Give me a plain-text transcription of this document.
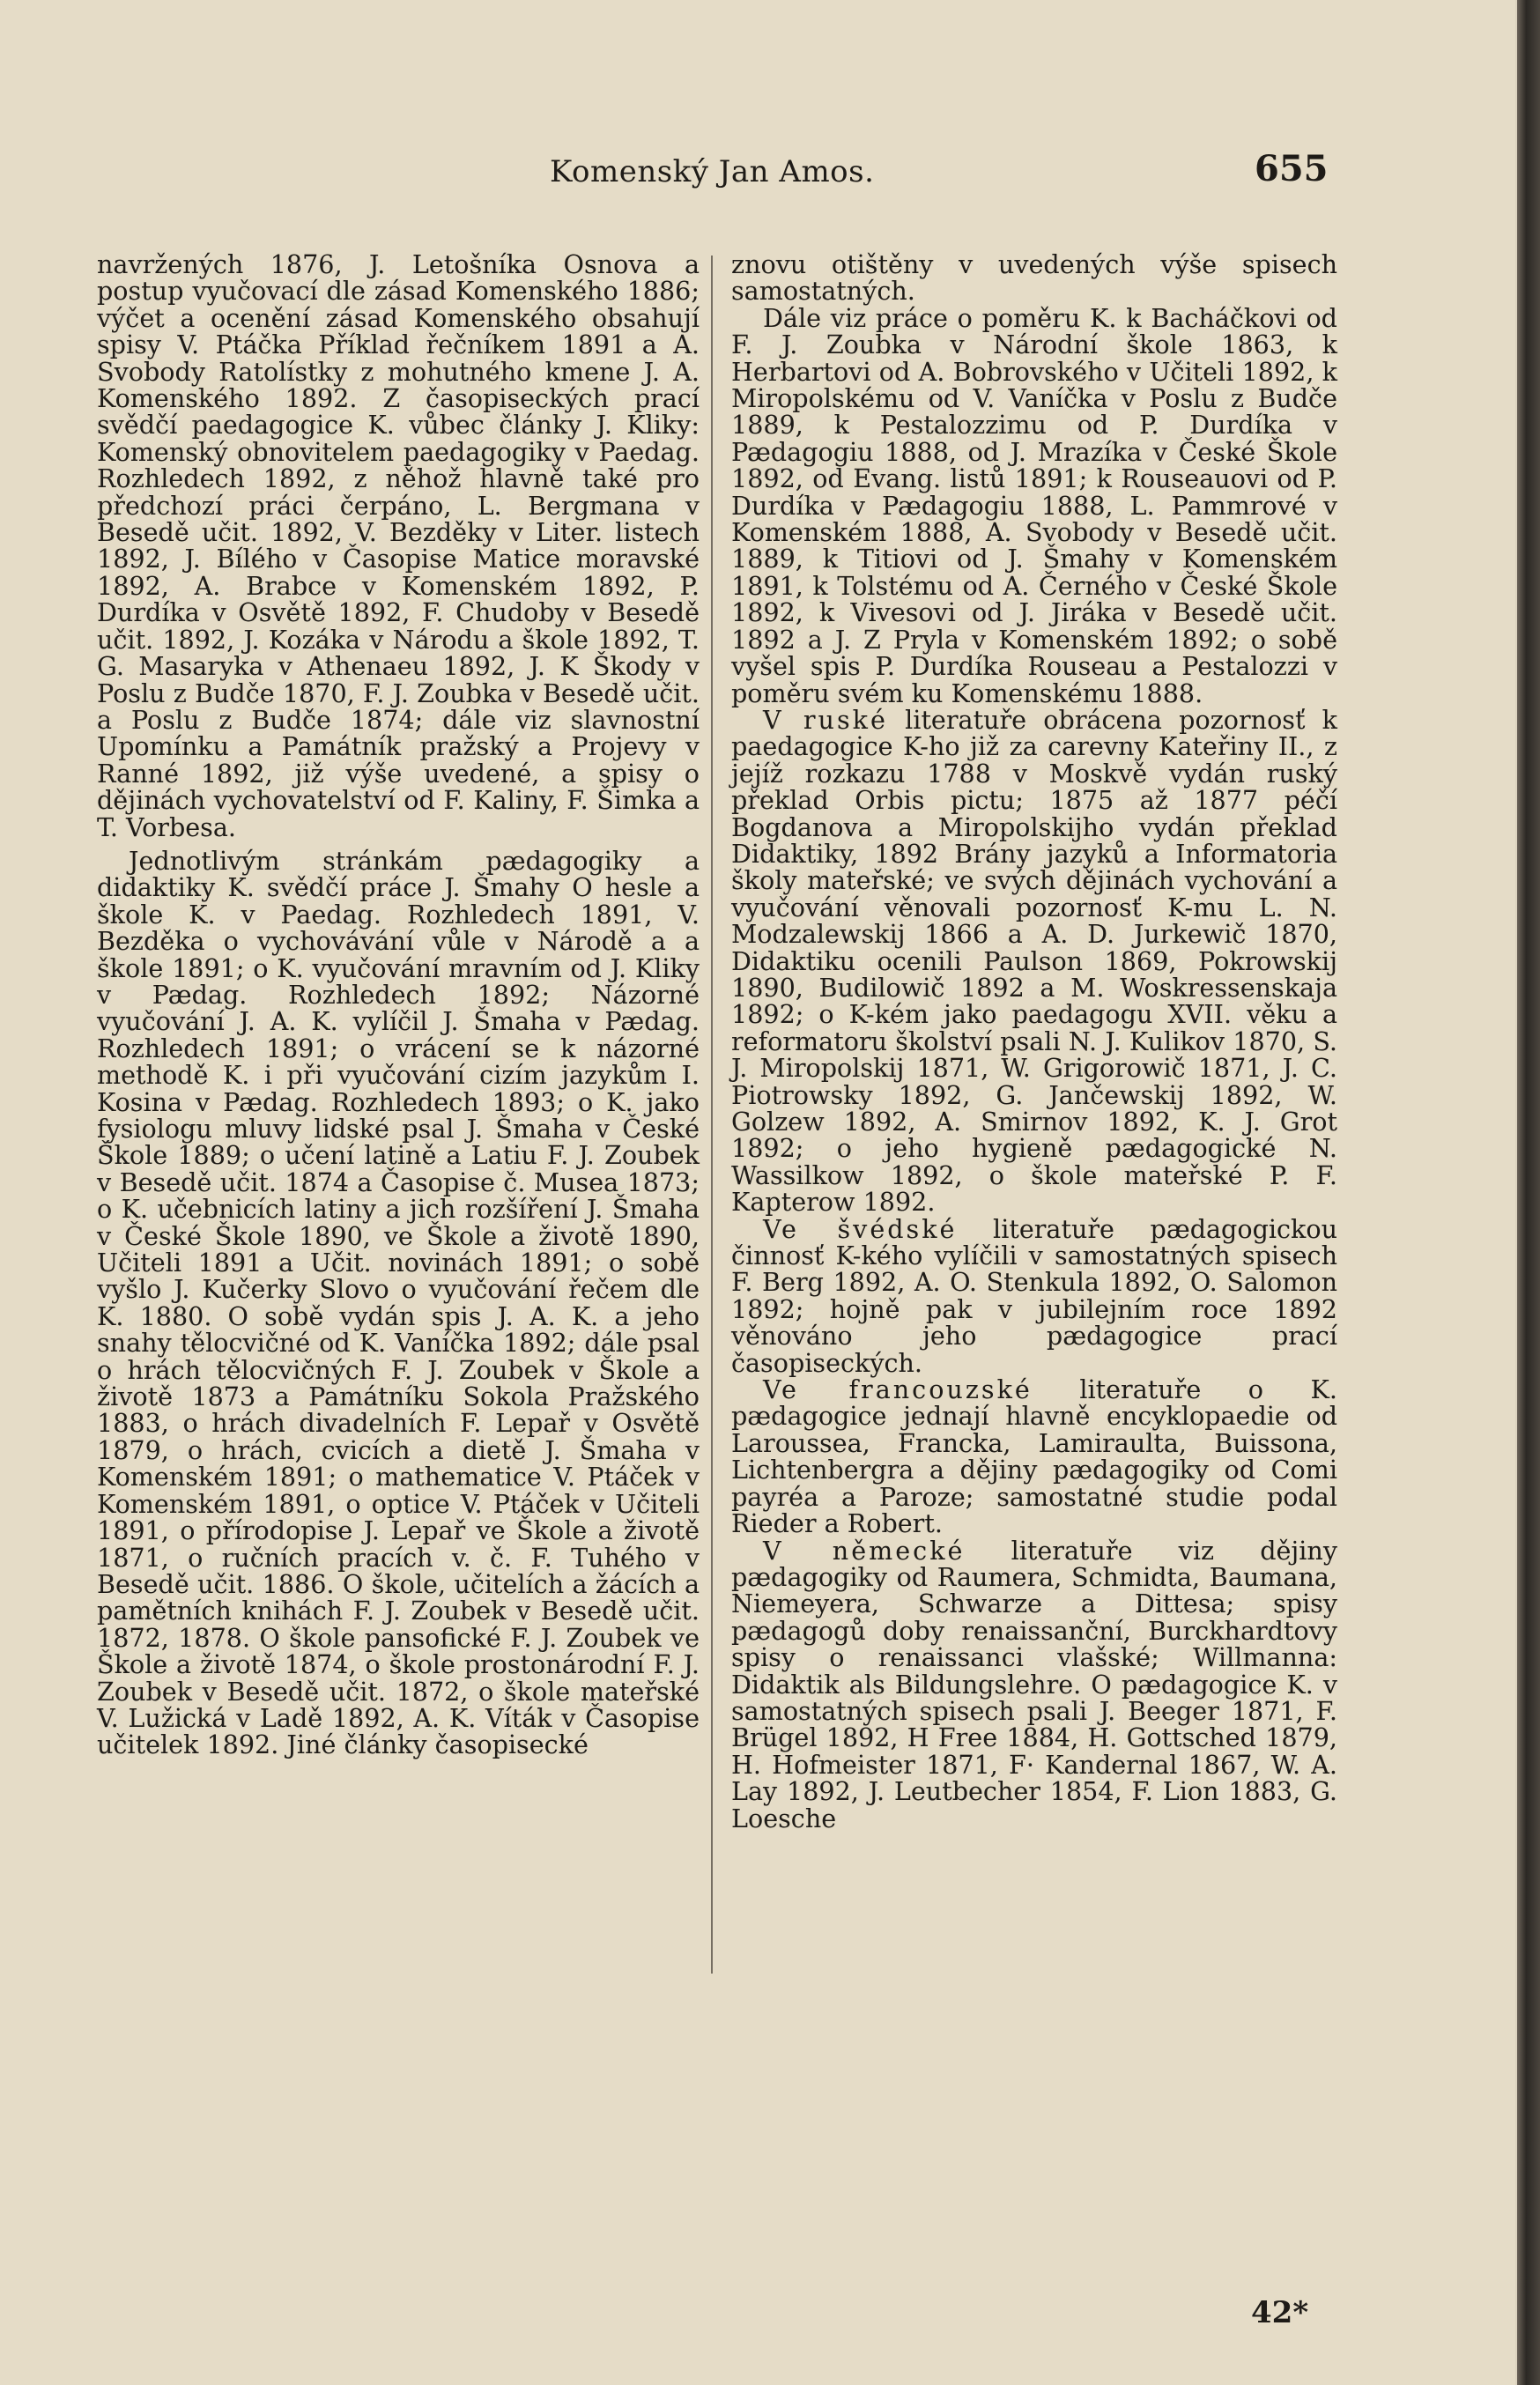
Komenský Jan Amos.	655

navržených 1876, J. Letošníka Osnova a postup vyučovací dle zásad Komenského 1886; výčet a ocenění zásad Komenského obsahují spisy V. Ptáčka Příklad řečníkem 1891 a A. Svobody Ratolístky z mohutného kmene J. A. Komenského 1892. Z časopiseckých prací svědčí paedagogice K. vůbec články J. Kliky: Komenský obnovitelem paedagogiky v Paedag. Rozhledech 1892, z něhož hlavně také pro předchozí práci čerpáno, L. Bergmana v Besedě učit. 1892, V. Bezděky v Liter. listech 1892, J. Bílého v Časopise Matice moravské 1892, A. Brabce v Komenském 1892, P. Durdíka v Osvětě 1892, F. Chudoby v Besedě učit. 1892, J. Kozáka v Národu a škole 1892, T. G. Masaryka v Athenaeu 1892, J. K Škody v Poslu z Budče 1870, F. J. Zoubka v Besedě učit. a Poslu z Budče 1874; dále viz slavnostní Upomínku a Památník pražský a Projevy v Ranné 1892, již výše uvedené, a spisy o dějinách vychovatelství od F. Kaliny, F. Šimka a T. Vorbesa.

Jednotlivým stránkám pædagogiky a didaktiky K. svědčí práce J. Šmahy O hesle a škole K. v Paedag. Rozhledech 1891, V. Bezděka o vychovávání vůle v Národě a a škole 1891; o K. vyučování mravním od J. Kliky v Pædag. Rozhledech 1892; Názorné vyučování J. A. K. vylíčil J. Šmaha v Pædag. Rozhledech 1891; o vrácení se k názorné methodě K. i při vyučování cizím jazykům I. Kosina v Pædag. Rozhledech 1893; o K. jako fysiologu mluvy lidské psal J. Šmaha v České Škole 1889; o učení latině a Latiu F. J. Zoubek v Besedě učit. 1874 a Časopise č. Musea 1873; o K. učebnicích latiny a jich rozšíření J. Šmaha v České Škole 1890, ve Škole a životě 1890, Učiteli 1891 a Učit. novinách 1891; o sobě vyšlo J. Kučerky Slovo o vyučování řečem dle K. 1880. O sobě vydán spis J. A. K. a jeho snahy tělocvičné od K. Vaníčka 1892; dále psal o hrách tělocvičných F. J. Zoubek v Škole a životě 1873 a Památníku Sokola Pražského 1883, o hrách divadelních F. Lepař v Osvětě 1879, o hrách, cvicích a dietě J. Šmaha v Komenském 1891; o mathematice V. Ptáček v Komenském 1891, o optice V. Ptáček v Učiteli 1891, o přírodopise J. Lepař ve Škole a životě 1871, o ručních pracích v. č. F. Tuhého v Besedě učit. 1886. O škole, učitelích a žácích a pamětních knihách F. J. Zoubek v Besedě učit. 1872, 1878. O škole pansofické F. J. Zoubek ve Škole a životě 1874, o škole prostonárodní F. J. Zoubek v Besedě učit. 1872, o škole mateřské V. Lužická v Ladě 1892, A. K. Víták v Časopise učitelek 1892. Jiné články časopisecké

znovu otištěny v uvedených výše spisech samostatných.

Dále viz práce o poměru K. k Bacháčkovi od F. J. Zoubka v Národní škole 1863, k Herbartovi od A. Bobrovského v Učiteli 1892, k Miropolskému od V. Vaníčka v Poslu z Budče 1889, k Pestalozzimu od P. Durdíka v Pædagogiu 1888, od J. Mrazíka v České Škole 1892, od Evang. listů 1891; k Rouseauovi od P. Durdíka v Pædagogiu 1888, L. Pammrové v Komenském 1888, A. Svobody v Besedě učit. 1889, k Titiovi od J. Šmahy v Komenském 1891, k Tolstému od A. Černého v České Škole 1892, k Vivesovi od J. Jiráka v Besedě učit. 1892 a J. Z Pryla v Komenském 1892; o sobě vyšel spis P. Durdíka Rouseau a Pestalozzi v poměru svém ku Komenskému 1888.

V ruské literatuře obrácena pozornosť k paedagogice K-ho již za carevny Kateřiny II., z jejíž rozkazu 1788 v Moskvě vydán ruský překlad Orbis pictu; 1875 až 1877 péčí Bogdanova a Miropolskijho vydán překlad Didaktiky, 1892 Brány jazyků a Informatoria školy mateřské; ve svých dějinách vychování a vyučování věnovali pozornosť K-mu L. N. Modzalewskij 1866 a A. D. Jurkewič 1870, Didaktiku ocenili Paulson 1869, Pokrowskij 1890, Budilowič 1892 a M. Woskressenskaja 1892; o K-kém jako paedagogu XVII. věku a reformatoru školství psali N. J. Kulikov 1870, S. J. Miropolskij 1871, W. Grigorowič 1871, J. C. Piotrowsky 1892, G. Jančewskij 1892, W. Golzew 1892, A. Smirnov 1892, K. J. Grot 1892; o jeho hygieně pædagogické N. Wassilkow 1892, o škole mateřské P. F. Kapterow 1892.

Ve švédské literatuře pædagogickou činnosť K-kého vylíčili v samostatných spisech F. Berg 1892, A. O. Stenkula 1892, O. Salomon 1892; hojně pak v jubilejním roce 1892 věnováno jeho pædagogice prací časopiseckých.

Ve francouzské literatuře o K. pædagogice jednají hlavně encyklopaedie od Laroussea, Francka, Lamiraulta, Buissona, Lichtenbergra a dějiny pædagogiky od Comi payréa a Paroze; samostatné studie podal Rieder a Robert.

V německé literatuře viz dějiny pædagogiky od Raumera, Schmidta, Baumana, Niemeyera, Schwarze a Dittesa; spisy pædagogů doby renaissanční, Burckhardtovy spisy o renaissanci vlašské; Willmanna: Didaktik als Bildungslehre. O pædagogice K. v samostatných spisech psali J. Beeger 1871, F. Brügel 1892, H Free 1884, H. Gottsched 1879, H. Hofmeister 1871, F· Kandernal 1867, W. A. Lay 1892, J. Leutbecher 1854, F. Lion 1883, G. Loesche

42*
